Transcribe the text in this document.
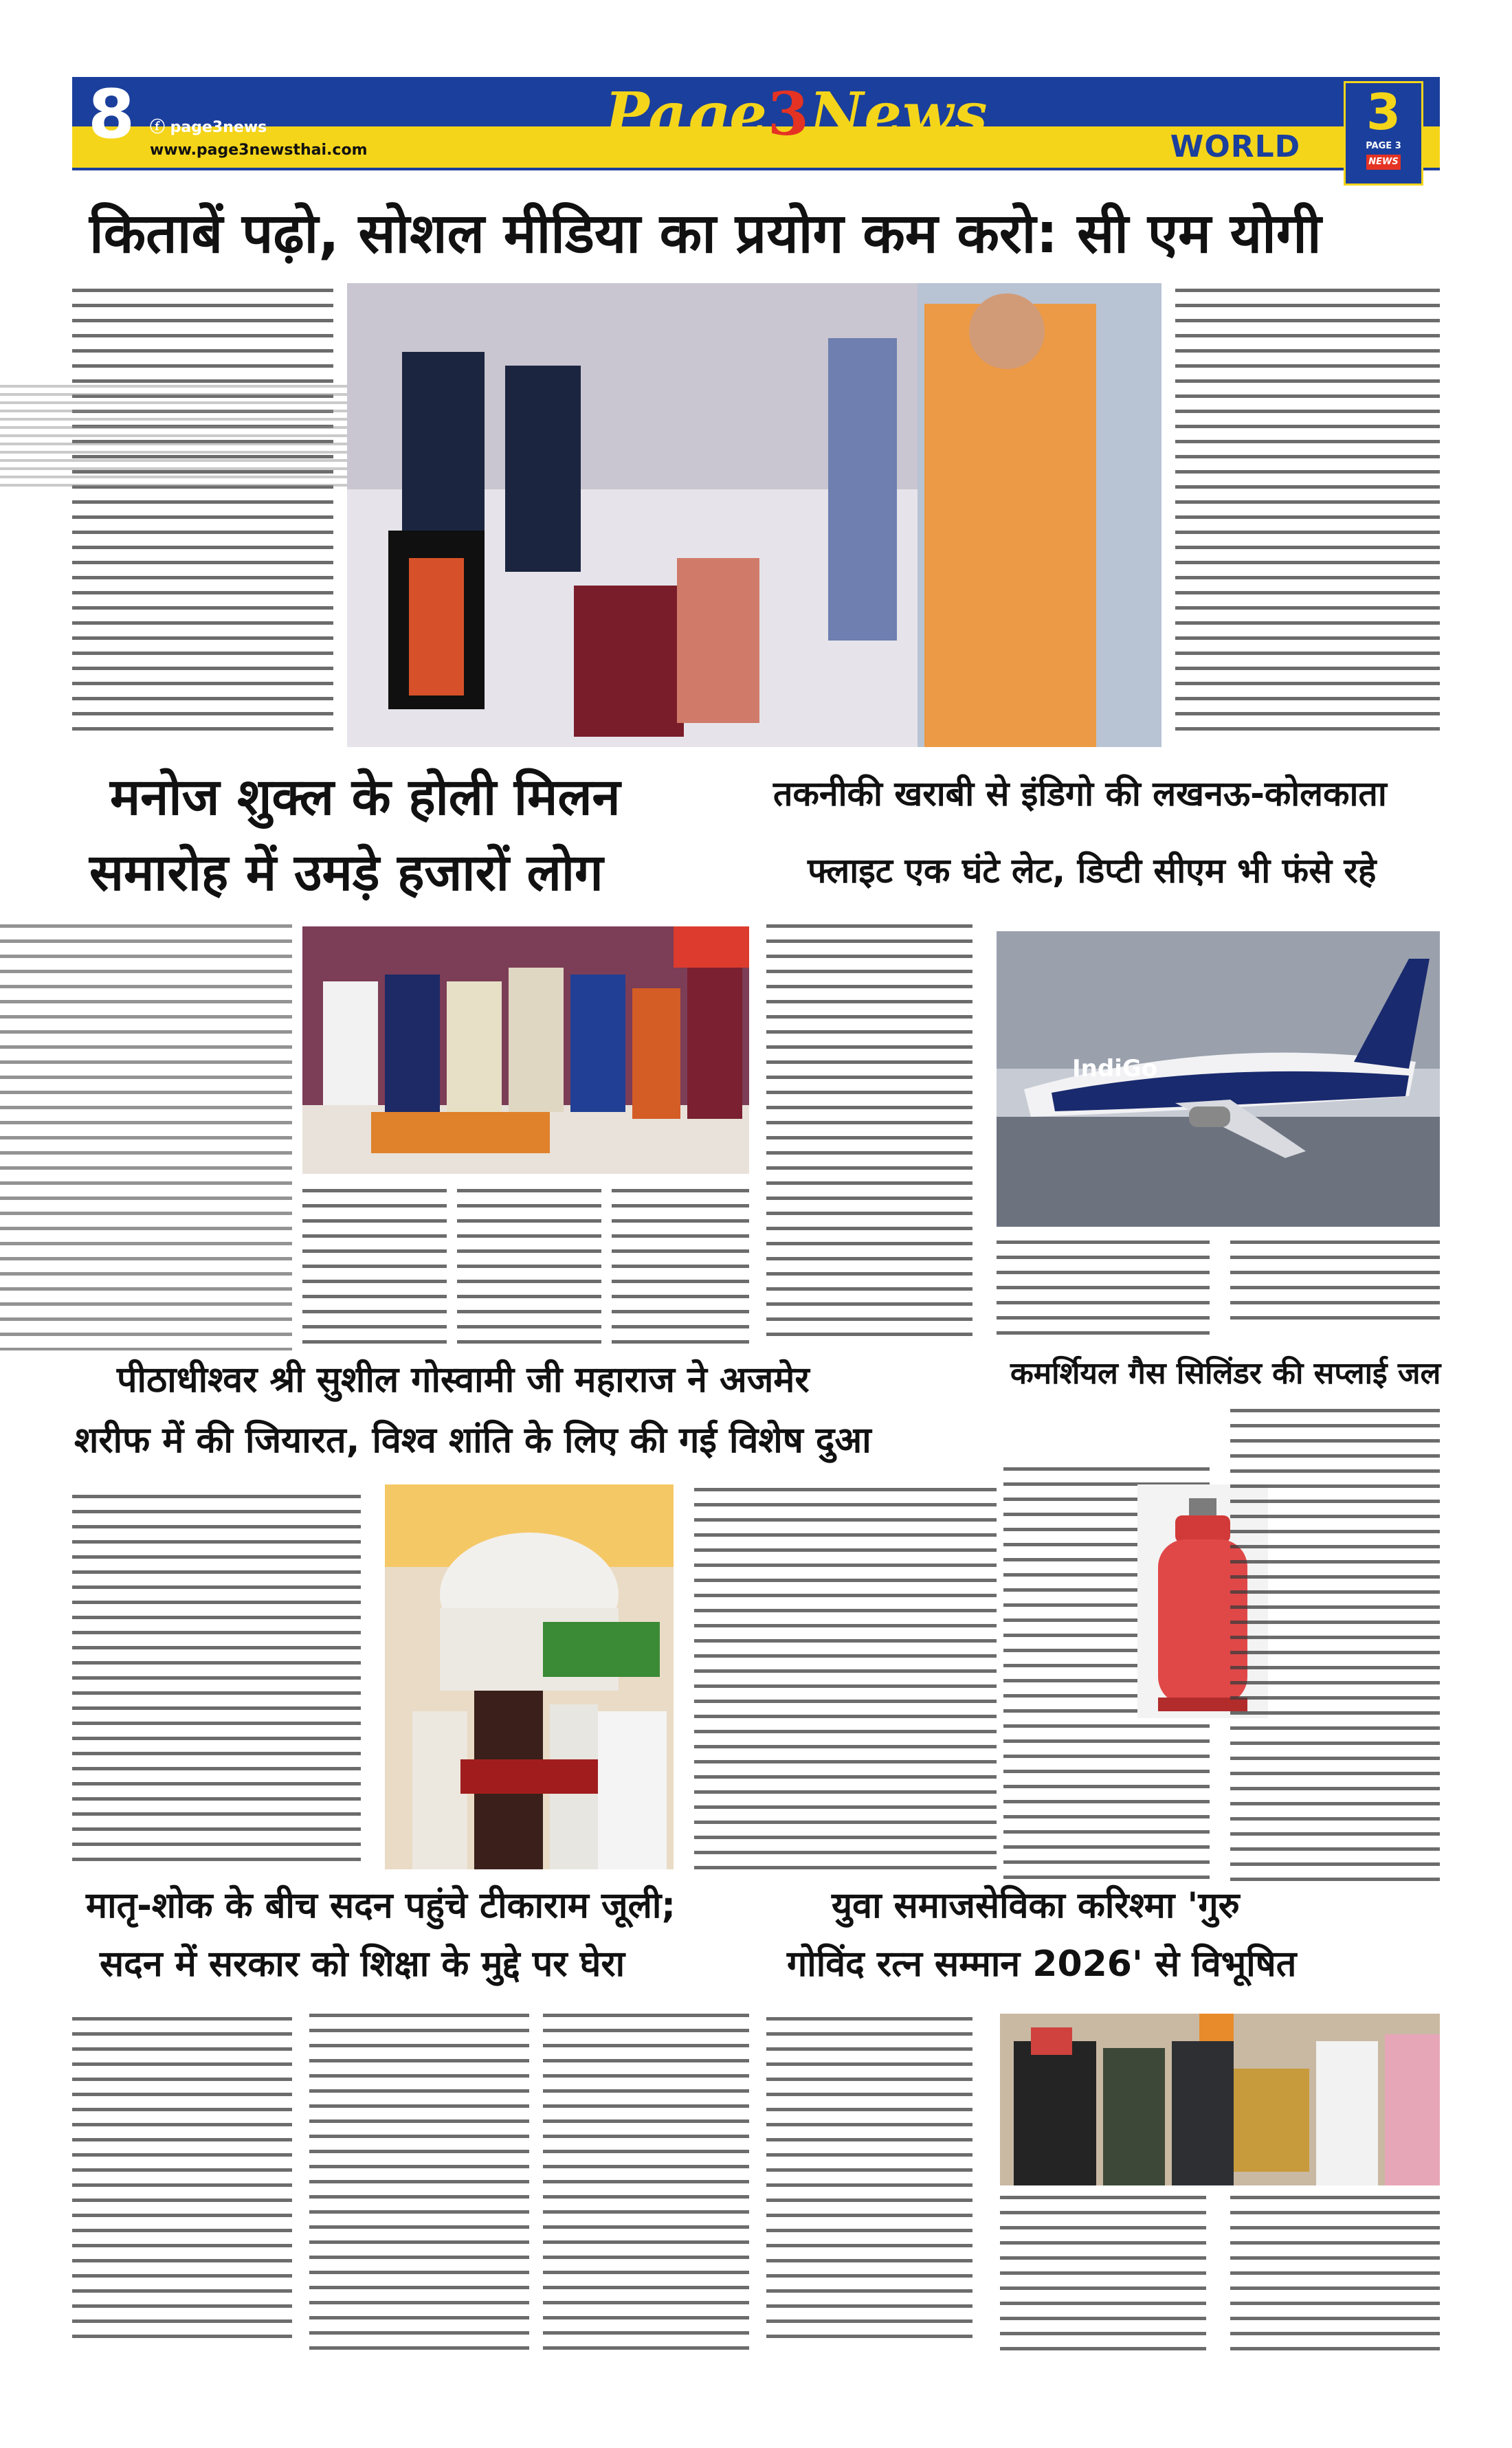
8 ⓕ page3news
www.page3newsthai.com
Page3News	WORLD
3
PAGE 3
NEWS
किताबें पढ़ो, सोशल मीडिया का प्रयोग कम करो: सी एम योगी
मनोज शुक्ल के होली मिलन
समारोह में उमड़े हजारों लोग
तकनीकी खराबी से इंडिगो की लखनऊ-कोलकाता
फ्लाइट एक घंटे लेट, डिप्टी सीएम भी फंसे रहे
IndiGo
पीठाधीश्वर श्री सुशील गोस्वामी जी महाराज ने अजमेर
शरीफ में की जियारत, विश्व शांति के लिए की गई विशेष दुआ
कमर्शियल गैस सिलिंडर की सप्लाई जल
मातृ-शोक के बीच सदन पहुंचे टीकाराम जूली;
सदन में सरकार को शिक्षा के मुद्दे पर घेरा
युवा समाजसेविका करिश्मा 'गुरु
गोविंद रत्न सम्मान 2026' से विभूषित
